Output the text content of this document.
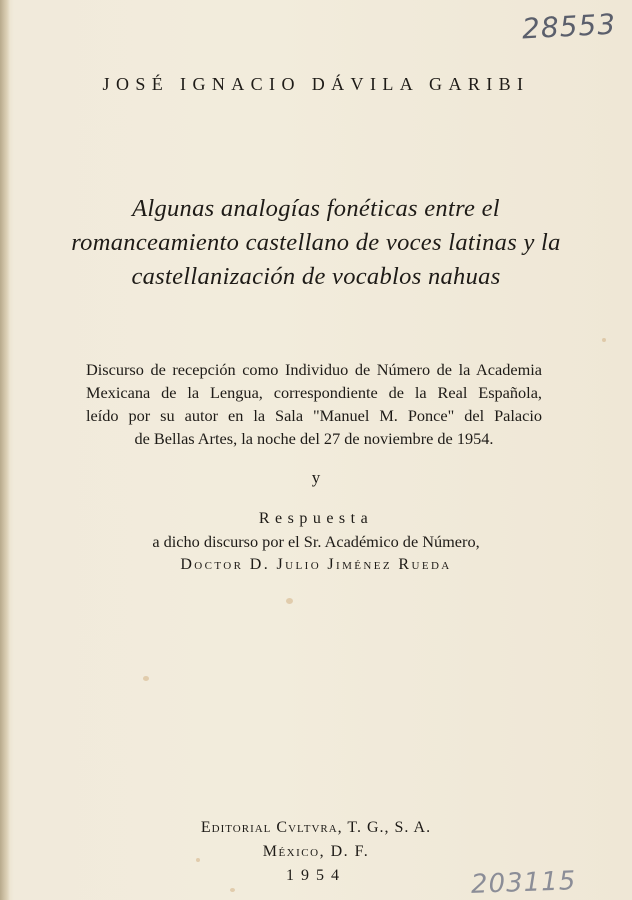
28553
JOSÉ IGNACIO DÁVILA GARIBI
Algunas analogías fonéticas entre el
romanceamiento castellano de voces latinas y la
castellanización de vocablos nahuas
Discurso de recepción como Individuo de Número de la Academia
Mexicana de la Lengua, correspondiente de la Real Española,
leído por su autor en la Sala "Manuel M. Ponce" del Palacio
de Bellas Artes, la noche del 27 de noviembre de 1954.
y
Respuesta
a dicho discurso por el Sr. Académico de Número,
Doctor D. Julio Jiménez Rueda
Editorial Cvltvra, T. G., S. A.
México, D. F.
1954	203115
